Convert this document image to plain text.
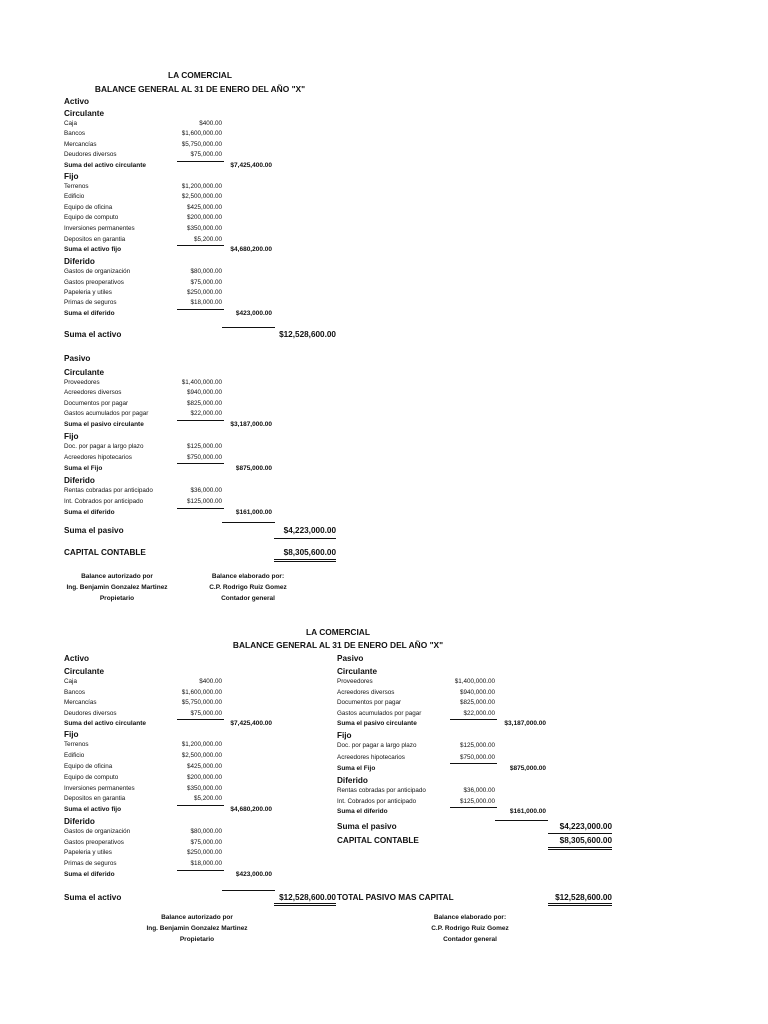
LA COMERCIAL
BALANCE GENERAL AL 31 DE ENERO DEL AÑO "X"
Activo
Circulante
Caja	$400.00
Bancos	$1,600,000.00
Mercancías	$5,750,000.00
Deudores diversos	$75,000.00
Suma del activo circulante	$7,425,400.00
Fijo
Terrenos	$1,200,000.00
Edificio	$2,500,000.00
Equipo de oficina	$425,000.00
Equipo de computo	$200,000.00
Inversiones permanentes	$350,000.00
Depositos en garantia	$5,200.00
Suma el activo fijo	$4,680,200.00
Diferido
Gastos de organización	$80,000.00
Gastos preoperativos	$75,000.00
Papeleria y utiles	$250,000.00
Primas de seguros	$18,000.00
Suma el diferido	$423,000.00
Suma el activo	$12,528,600.00
Pasivo
Circulante
Proveedores	$1,400,000.00
Acreedores diversos	$940,000.00
Documentos por pagar	$825,000.00
Gastos acumulados por pagar	$22,000.00
Suma el pasivo circulante	$3,187,000.00
Fijo
Doc. por pagar a largo plazo	$125,000.00
Acreedores hipotecarios	$750,000.00
Suma el Fijo	$875,000.00
Diferido
Rentas cobradas por anticipado	$36,000.00
Int. Cobrados por anticipado	$125,000.00
Suma el diferido	$161,000.00
Suma el pasivo	$4,223,000.00
CAPITAL CONTABLE	$8,305,600.00
Balance autorizado por
Ing. Benjamin Gonzalez Martinez
Propietario
Balance elaborado por:
C.P. Rodrigo Ruiz Gomez
Contador general
LA COMERCIAL
BALANCE GENERAL AL 31 DE ENERO DEL AÑO "X"
Activo
Circulante
Caja	$400.00
Bancos	$1,600,000.00
Mercancías	$5,750,000.00
Deudores diversos	$75,000.00
Suma del activo circulante	$7,425,400.00
Fijo
Terrenos	$1,200,000.00
Edificio	$2,500,000.00
Equipo de oficina	$425,000.00
Equipo de computo	$200,000.00
Inversiones permanentes	$350,000.00
Depositos en garantia	$5,200.00
Suma el activo fijo	$4,680,200.00
Diferido
Gastos de organización	$80,000.00
Gastos preoperativos	$75,000.00
Papeleria y utiles	$250,000.00
Primas de seguros	$18,000.00
Suma el diferido	$423,000.00
Suma el activo	$12,528,600.00
Pasivo
Circulante
Proveedores	$1,400,000.00
Acreedores diversos	$940,000.00
Documentos por pagar	$825,000.00
Gastos acumulados por pagar	$22,000.00
Suma el pasivo circulante	$3,187,000.00
Fijo
Doc. por pagar a largo plazo	$125,000.00
Acreedores hipotecarios	$750,000.00
Suma el Fijo	$875,000.00
Diferido
Rentas cobradas por anticipado	$36,000.00
Int. Cobrados por anticipado	$125,000.00
Suma el diferido	$161,000.00
Suma el pasivo	$4,223,000.00
CAPITAL CONTABLE	$8,305,600.00
TOTAL PASIVO MAS CAPITAL	$12,528,600.00
Balance autorizado por
Ing. Benjamin Gonzalez Martinez
Propietario
Balance elaborado por:
C.P. Rodrigo Ruiz Gomez
Contador general
